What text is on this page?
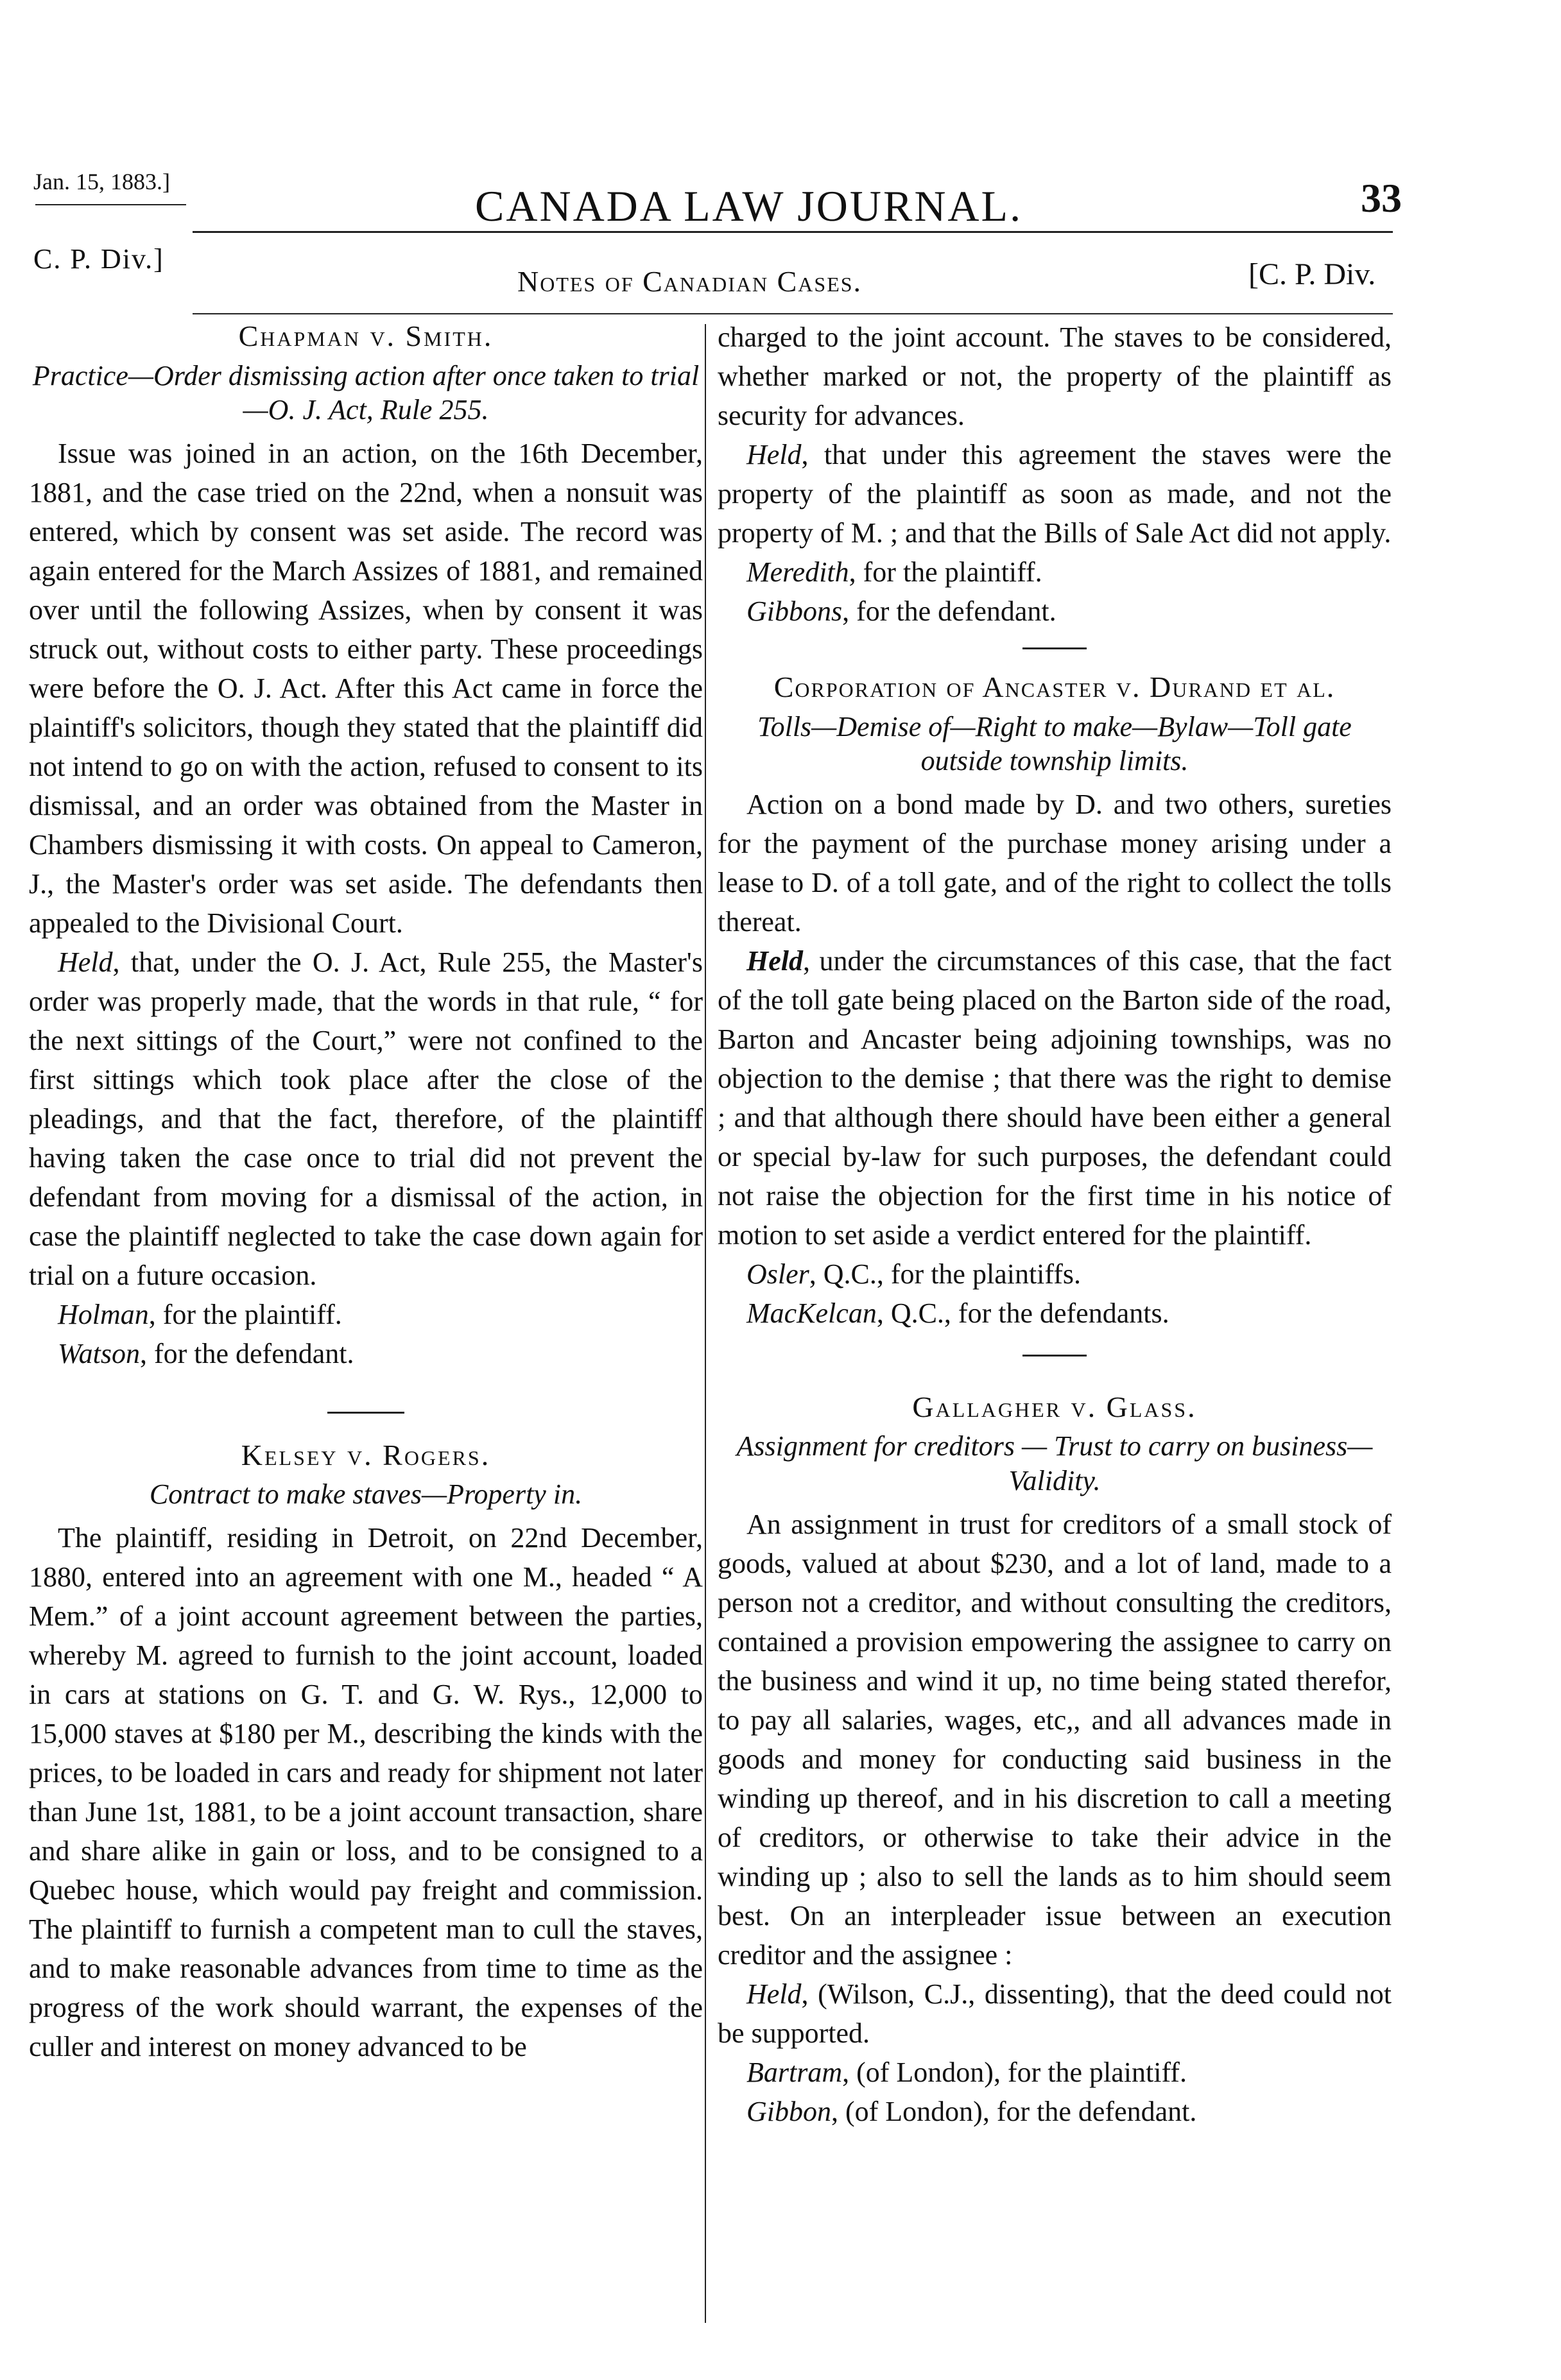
Jan. 15, 1883.]
C. P. Div.]
CANADA LAW JOURNAL.	33
Notes of Canadian Cases.	[C. P. Div.
Chapman v. Smith.
Practice—Order dismissing action after once taken to trial—O. J. Act, Rule 255.

Issue was joined in an action, on the 16th December, 1881, and the case tried on the 22nd, when a nonsuit was entered, which by consent was set aside. The record was again entered for the March Assizes of 1881, and remained over until the following Assizes, when by consent it was struck out, without costs to either party. These proceedings were before the O. J. Act. After this Act came in force the plaintiff's solicitors, though they stated that the plaintiff did not intend to go on with the action, refused to consent to its dismissal, and an order was obtained from the Master in Chambers dismissing it with costs. On appeal to Cameron, J., the Master's order was set aside. The defendants then appealed to the Divisional Court.

Held, that, under the O. J. Act, Rule 255, the Master's order was properly made, that the words in that rule, “ for the next sittings of the Court,” were not confined to the first sittings which took place after the close of the pleadings, and that the fact, therefore, of the plaintiff having taken the case once to trial did not prevent the defendant from moving for a dismissal of the action, in case the plaintiff neglected to take the case down again for trial on a future occasion.

Holman, for the plaintiff.
Watson, for the defendant.
Kelsey v. Rogers.
Contract to make staves—Property in.

The plaintiff, residing in Detroit, on 22nd December, 1880, entered into an agreement with one M., headed “ A Mem.” of a joint account agreement between the parties, whereby M. agreed to furnish to the joint account, loaded in cars at stations on G. T. and G. W. Rys., 12,000 to 15,000 staves at $180 per M., describing the kinds with the prices, to be loaded in cars and ready for shipment not later than June 1st, 1881, to be a joint account transaction, share and share alike in gain or loss, and to be consigned to a Quebec house, which would pay freight and commission. The plaintiff to furnish a competent man to cull the staves, and to make reasonable advances from time to time as the progress of the work should warrant, the expenses of the culler and interest on money advanced to be

charged to the joint account. The staves to be considered, whether marked or not, the property of the plaintiff as security for advances.

Held, that under this agreement the staves were the property of the plaintiff as soon as made, and not the property of M. ; and that the Bills of Sale Act did not apply.

Meredith, for the plaintiff.
Gibbons, for the defendant.
Corporation of Ancaster v. Durand et al.
Tolls—Demise of—Right to make—Bylaw—Toll gate outside township limits.

Action on a bond made by D. and two others, sureties for the payment of the purchase money arising under a lease to D. of a toll gate, and of the right to collect the tolls thereat.

Held, under the circumstances of this case, that the fact of the toll gate being placed on the Barton side of the road, Barton and Ancaster being adjoining townships, was no objection to the demise ; that there was the right to demise ; and that although there should have been either a general or special by-law for such purposes, the defendant could not raise the objection for the first time in his notice of motion to set aside a verdict entered for the plaintiff.

Osler, Q.C., for the plaintiffs.
MacKelcan, Q.C., for the defendants.
Gallagher v. Glass.
Assignment for creditors — Trust to carry on business— Validity.

An assignment in trust for creditors of a small stock of goods, valued at about $230, and a lot of land, made to a person not a creditor, and without consulting the creditors, contained a provision empowering the assignee to carry on the business and wind it up, no time being stated therefor, to pay all salaries, wages, etc,, and all advances made in goods and money for conducting said business in the winding up thereof, and in his discretion to call a meeting of creditors, or otherwise to take their advice in the winding up ; also to sell the lands as to him should seem best. On an interpleader issue between an execution creditor and the assignee :

Held, (Wilson, C.J., dissenting), that the deed could not be supported.

Bartram, (of London), for the plaintiff.
Gibbon, (of London), for the defendant.
